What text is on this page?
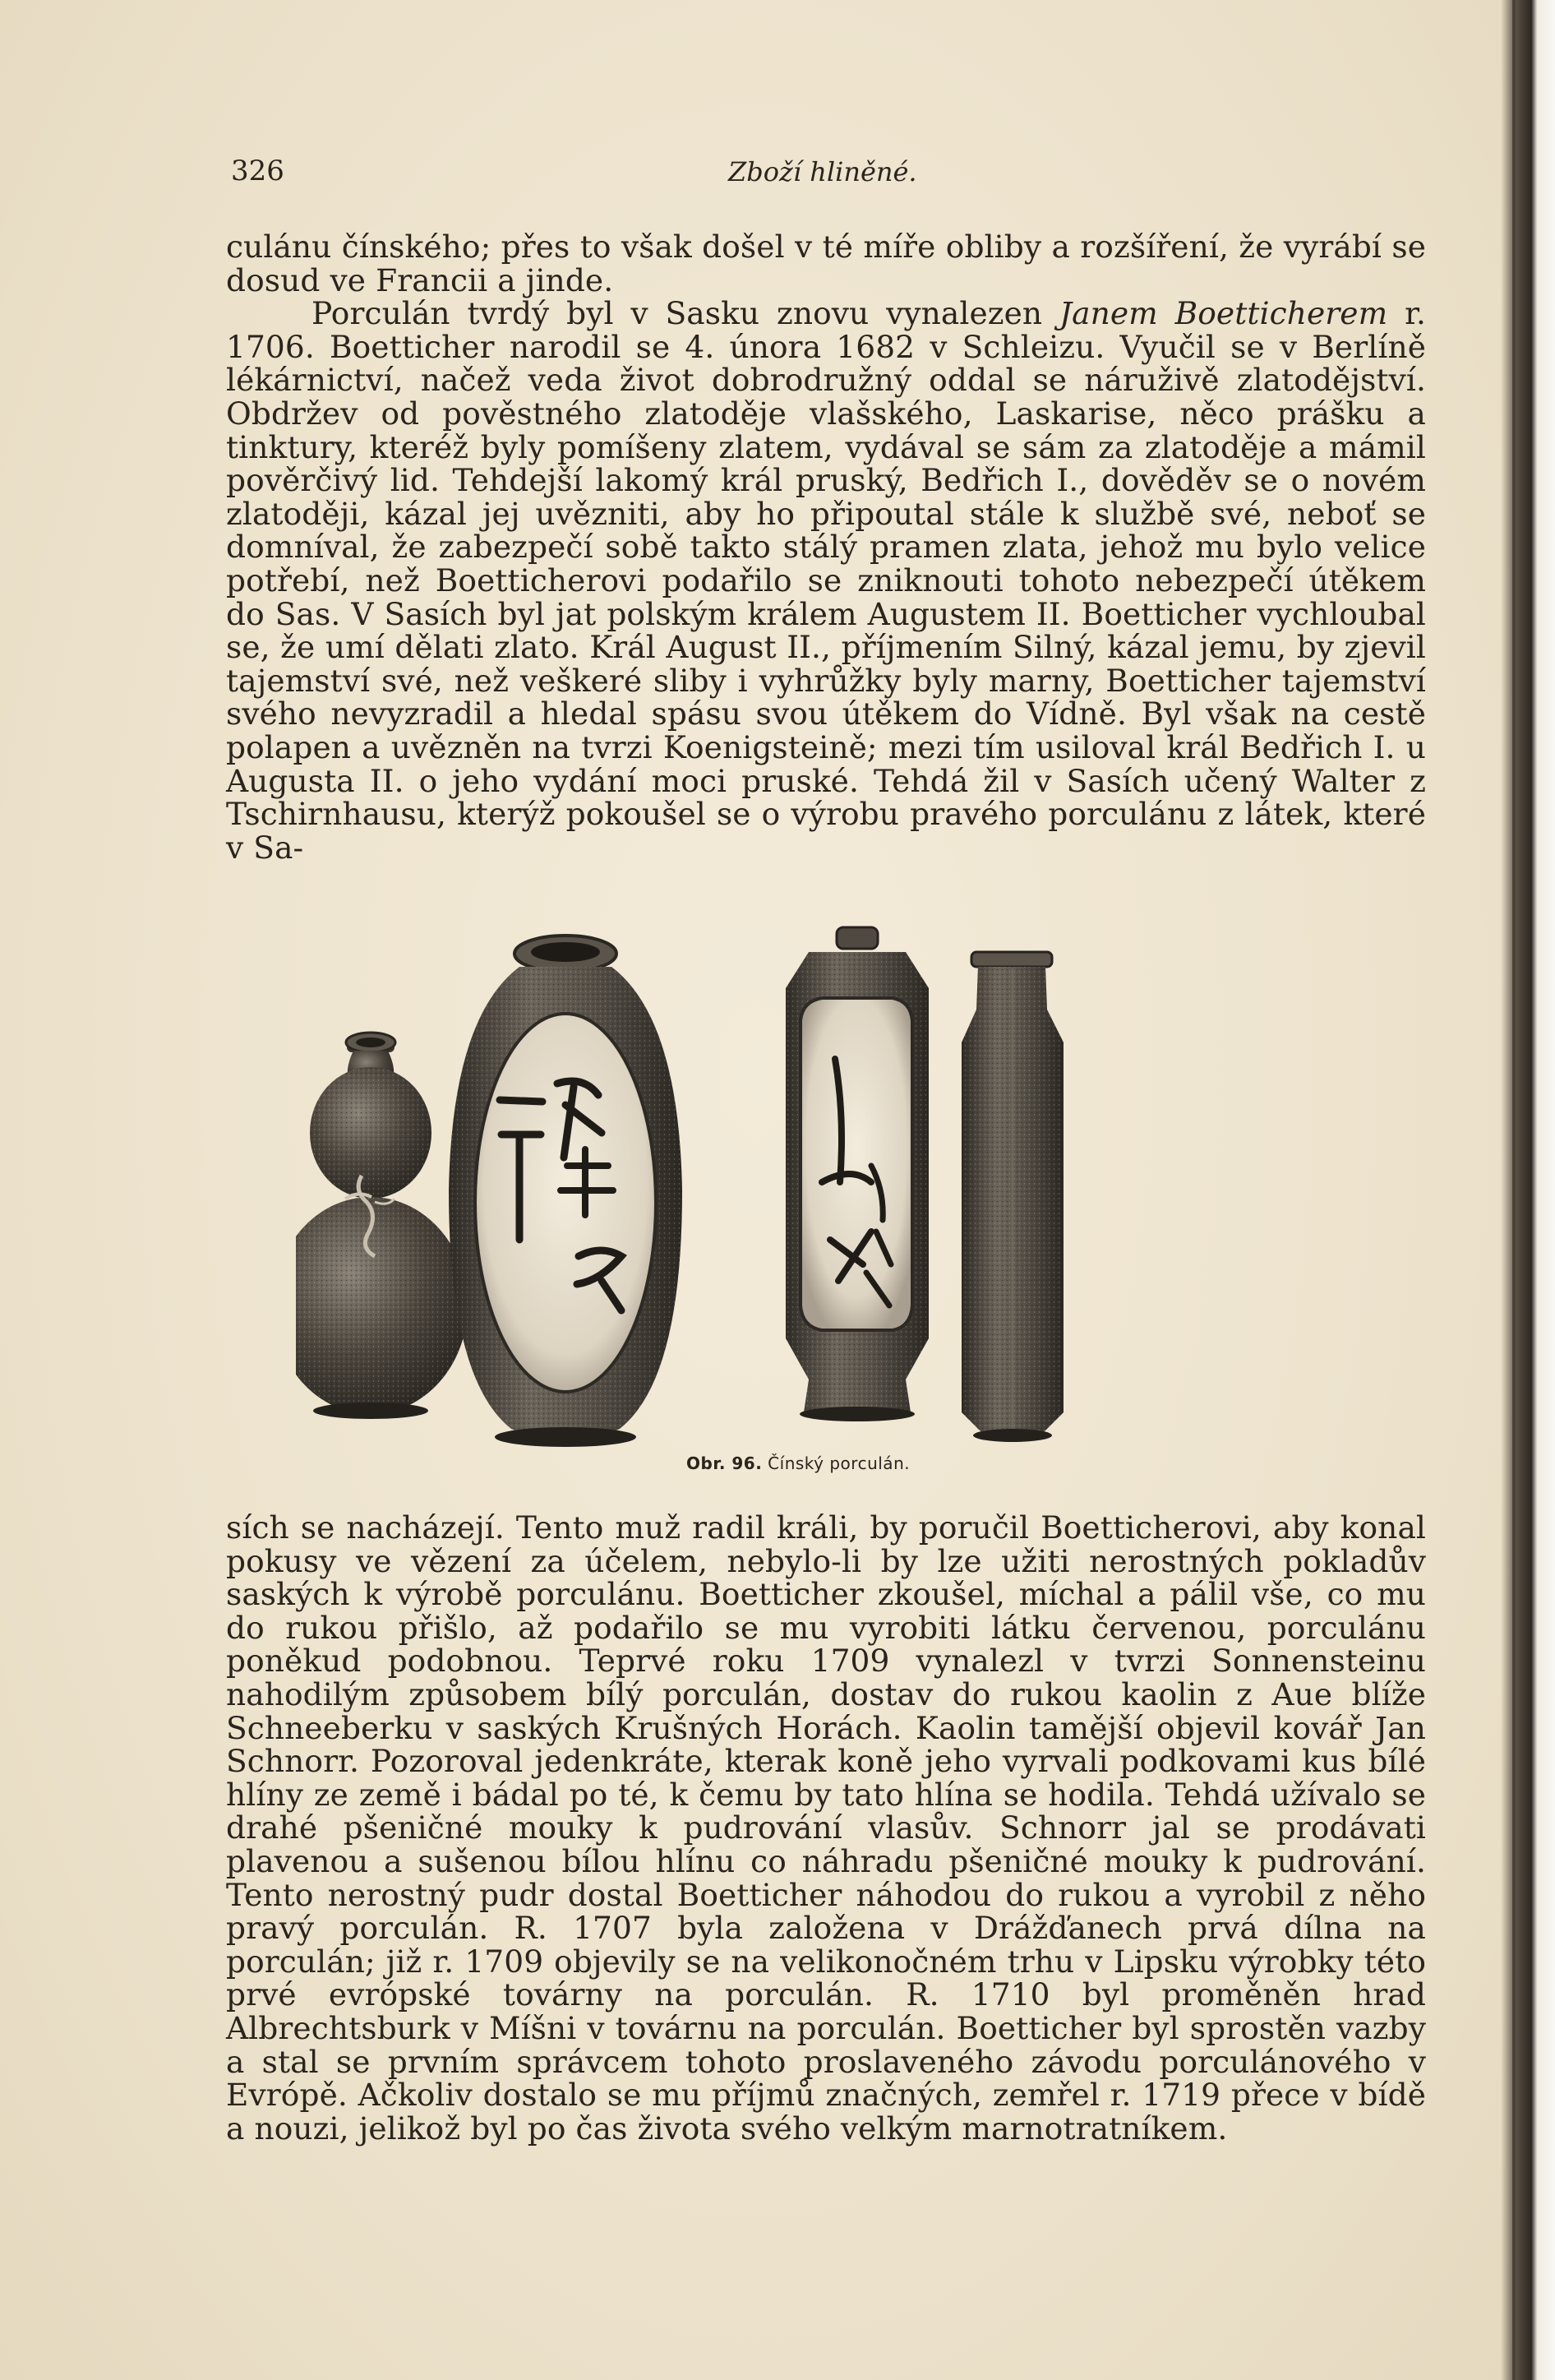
326	Zboží hliněné.

culánu čínského; přes to však došel v té míře obliby a rozšíření, že vyrábí se dosud ve Francii a jinde.

Porculán tvrdý byl v Sasku znovu vynalezen Janem Boetticherem r. 1706. Boetticher narodil se 4. února 1682 v Schleizu. Vyučil se v Berlíně lékárnictví, načež veda život dobrodružný oddal se náruživě zlatodějství. Obdržev od pověstného zlatoděje vlašského, Laskarise, něco prášku a tinktury, kteréž byly pomíšeny zlatem, vydával se sám za zlatoděje a mámil pověrčivý lid. Tehdejší lakomý král pruský, Bedřich I., dověděv se o novém zlatoději, kázal jej uvězniti, aby ho připoutal stále k službě své, neboť se domníval, že zabezpečí sobě takto stálý pramen zlata, jehož mu bylo velice potřebí, než Boetticherovi podařilo se zniknouti tohoto nebezpečí útěkem do Sas. V Sasích byl jat polským králem Augustem II. Boetticher vychloubal se, že umí dělati zlato. Král August II., příjmením Silný, kázal jemu, by zjevil tajemství své, než veškeré sliby i vyhrůžky byly marny, Boetticher tajemství svého nevyzradil a hledal spásu svou útěkem do Vídně. Byl však na cestě polapen a uvězněn na tvrzi Koenigsteině; mezi tím usiloval král Bedřich I. u Augusta II. o jeho vydání moci pruské. Tehdá žil v Sasích učený Walter z Tschirnhausu, kterýž pokoušel se o výrobu pravého porculánu z látek, které v Sa-

Obr. 96. Čínský porculán.

sích se nacházejí. Tento muž radil králi, by poručil Boetticherovi, aby konal pokusy ve vězení za účelem, nebylo-li by lze užiti nerostných pokladův saských k výrobě porculánu. Boetticher zkoušel, míchal a pálil vše, co mu do rukou přišlo, až podařilo se mu vyrobiti látku červenou, porculánu poněkud podobnou. Teprvé roku 1709 vynalezl v tvrzi Sonnensteinu nahodilým způsobem bílý porculán, dostav do rukou kaolin z Aue blíže Schneeberku v saských Krušných Horách. Kaolin tamější objevil kovář Jan Schnorr. Pozoroval jedenkráte, kterak koně jeho vyrvali podkovami kus bílé hlíny ze země i bádal po té, k čemu by tato hlína se hodila. Tehdá užívalo se drahé pšeničné mouky k pudrování vlasův. Schnorr jal se prodávati plavenou a sušenou bílou hlínu co náhradu pšeničné mouky k pudrování. Tento nerostný pudr dostal Boetticher náhodou do rukou a vyrobil z něho pravý porculán. R. 1707 byla založena v Drážďanech prvá dílna na porculán; již r. 1709 objevily se na velikonočném trhu v Lipsku výrobky této prvé evrópské továrny na porculán. R. 1710 byl proměněn hrad Albrechtsburk v Míšni v továrnu na porculán. Boetticher byl sprostěn vazby a stal se prvním správcem tohoto proslaveného závodu porculánového v Evrópě. Ačkoliv dostalo se mu příjmů značných, zemřel r. 1719 přece v bídě a nouzi, jelikož byl po čas života svého velkým marnotratníkem.
